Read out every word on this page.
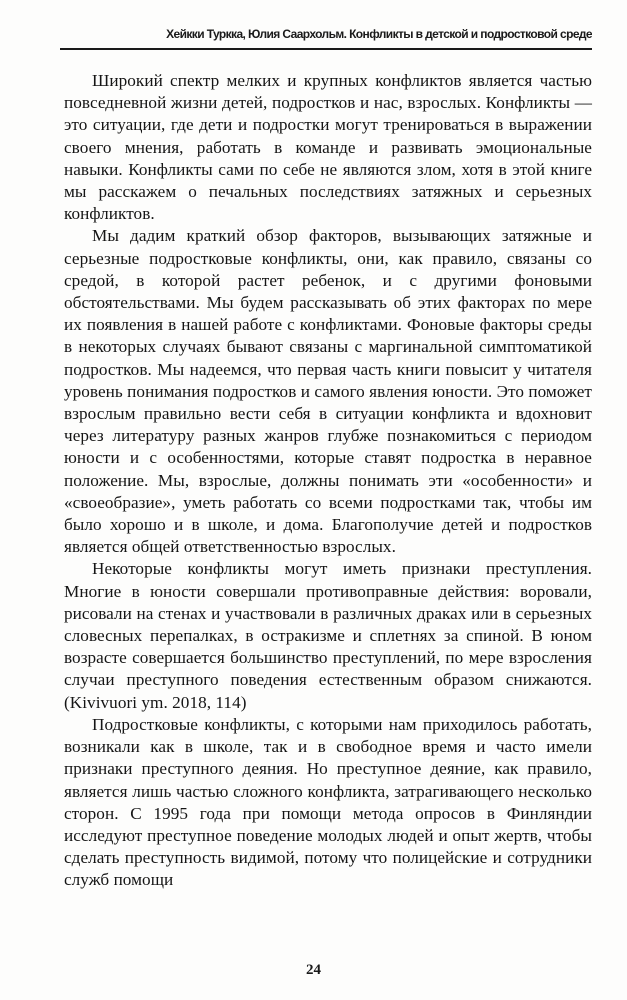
Хейкки Туркка, Юлия Саархольм. Конфликты в детской и подростковой среде

Широкий спектр мелких и крупных конфликтов является частью повседневной жизни детей, подростков и нас, взрослых. Конфликты — это ситуации, где дети и подростки могут тренироваться в выражении своего мнения, работать в команде и развивать эмоциональные навыки. Конфликты сами по себе не являются злом, хотя в этой книге мы расскажем о печальных последствиях затяжных и серьезных конфликтов.

Мы дадим краткий обзор факторов, вызывающих затяжные и серьезные подростковые конфликты, они, как правило, связаны со средой, в которой растет ребенок, и с другими фоновыми обстоятельствами. Мы будем рассказывать об этих факторах по мере их появления в нашей работе с конфликтами. Фоновые факторы среды в некоторых случаях бывают связаны с маргинальной симптоматикой подростков. Мы надеемся, что первая часть книги повысит у читателя уровень понимания подростков и самого явления юности. Это поможет взрослым правильно вести себя в ситуации конфликта и вдохновит через литературу разных жанров глубже познакомиться с периодом юности и с особенностями, которые ставят подростка в неравное положение. Мы, взрослые, должны понимать эти «особенности» и «своеобразие», уметь работать со всеми подростками так, чтобы им было хорошо и в школе, и дома. Благополучие детей и подростков является общей ответственностью взрослых.

Некоторые конфликты могут иметь признаки преступления. Многие в юности совершали противоправные действия: воровали, рисовали на стенах и участвовали в различных драках или в серьезных словесных перепалках, в остракизме и сплетнях за спиной. В юном возрасте совершается большинство преступлений, по мере взросления случаи преступного поведения естественным образом снижаются. (Kivivuori ym. 2018, 114)

Подростковые конфликты, с которыми нам приходилось работать, возникали как в школе, так и в свободное время и часто имели признаки преступного деяния. Но преступное деяние, как правило, является лишь частью сложного конфликта, затрагивающего несколько сторон. С 1995 года при помощи метода опросов в Финляндии исследуют преступное поведение молодых людей и опыт жертв, чтобы сделать преступность видимой, потому что полицейские и сотрудники служб помощи

24
